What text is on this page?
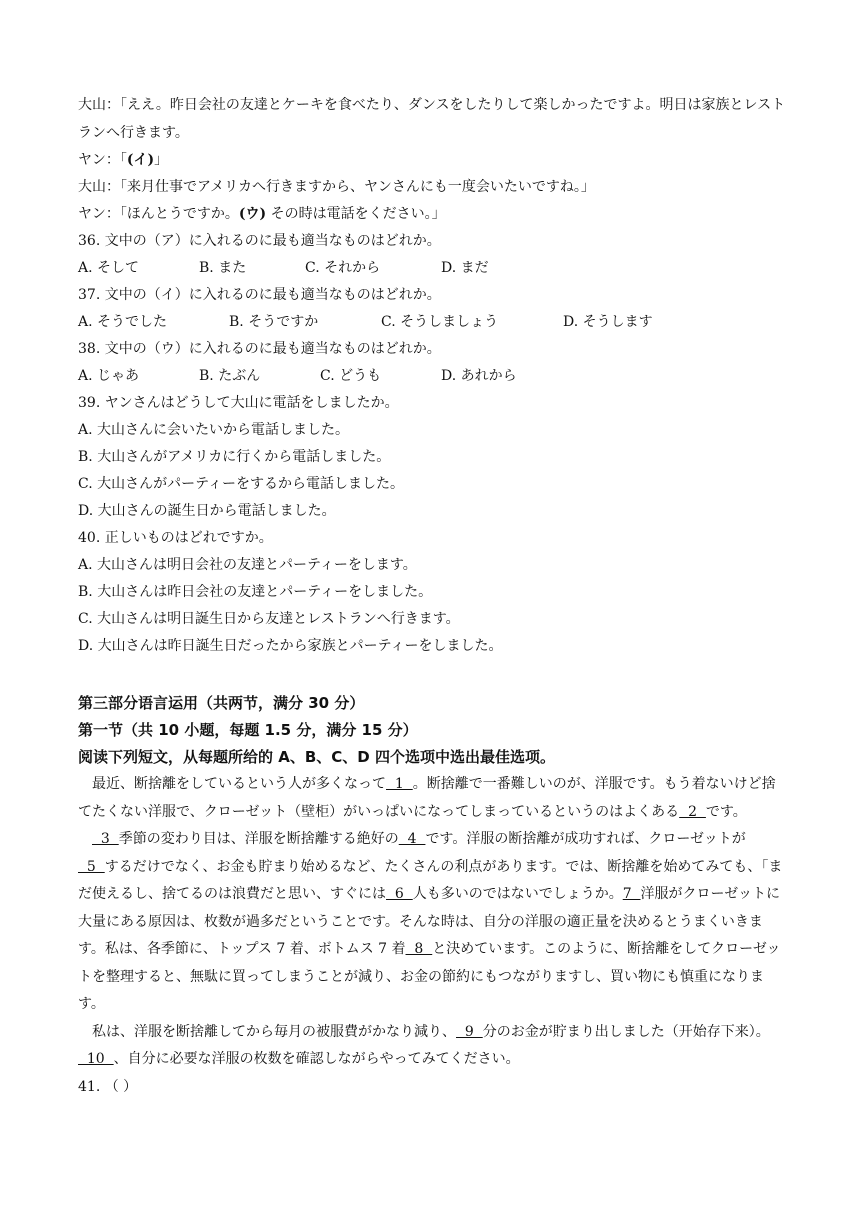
大山：「ええ。昨日会社の友達とケーキを食べたり、ダンスをしたりして楽しかったですよ。明日は家族とレストランへ行きます。
ヤン：「(イ)」
大山：「来月仕事でアメリカへ行きますから、ヤンさんにも一度会いたいですね。」
ヤン：「ほんとうですか。(ウ) その時は電話をください。」
36. 文中の（ア）に入れるのに最も適当なものはどれか。
A. そして	B. また	C. それから	D. まだ
37. 文中の（イ）に入れるのに最も適当なものはどれか。
A. そうでした	B. そうですか	C. そうしましょう	D. そうします
38. 文中の（ウ）に入れるのに最も適当なものはどれか。
A. じゃあ	B. たぶん	C. どうも	D. あれから
39. ヤンさんはどうして大山に電話をしましたか。
A. 大山さんに会いたいから電話しました。
B. 大山さんがアメリカに行くから電話しました。
C. 大山さんがパーティーをするから電話しました。
D. 大山さんの誕生日から電話しました。
40. 正しいものはどれですか。
A. 大山さんは明日会社の友達とパーティーをします。
B. 大山さんは昨日会社の友達とパーティーをしました。
C. 大山さんは明日誕生日から友達とレストランへ行きます。
D. 大山さんは昨日誕生日だったから家族とパーティーをしました。
第三部分语言运用（共两节，满分 30 分）
第一节（共 10 小题，每题 1.5 分，满分 15 分）
阅读下列短文，从每题所给的 A、B、C、D 四个选项中选出最佳选项。
最近、断捨離をしているという人が多くなって  1  。断捨離で一番難しいのが、洋服です。もう着ないけど捨てたくない洋服で、クローゼット（壁柜）がいっぱいになってしまっているというのはよくある  2  です。
3  季節の変わり目は、洋服を断捨離する絶好の  4  です。洋服の断捨離が成功すれば、クローゼットが  5  するだけでなく、お金も貯まり始めるなど、たくさんの利点があります。では、断捨離を始めてみても、「まだ使えるし、捨てるのは浪費だと思い、すぐには  6  人も多いのではないでしょうか。7  洋服がクローゼットに大量にある原因は、枚数が過多だということです。そんな時は、自分の洋服の適正量を決めるとうまくいきます。私は、各季節に、トップス 7 着、ボトムス 7 着  8  と決めています。このように、断捨離をしてクローゼットを整理すると、無駄に買ってしまうことが減り、お金の節約にもつながりますし、買い物にも慎重になります。
私は、洋服を断捨離してから毎月の被服費がかなり減り、  9  分のお金が貯まり出しました（开始存下来）。  10  、自分に必要な洋服の枚数を確認しながらやってみてください。
41. （ ）
